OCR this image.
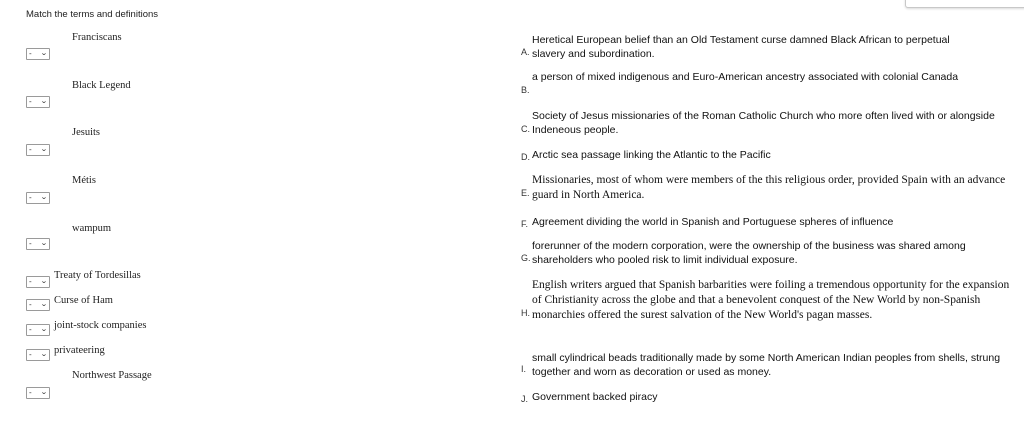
Match the terms and definitions
- ⌄
- ⌄
- ⌄
- ⌄
- ⌄
- ⌄
- ⌄
- ⌄
- ⌄
- ⌄
Franciscans
Black Legend
Jesuits
Métis
wampum
Treaty of Tordesillas
Curse of Ham
joint-stock companies
privateering
Northwest Passage
A.
Heretical European belief than an Old Testament curse damned Black African to perpetual slavery and subordination.
B.
a person of mixed indigenous and Euro-American ancestry associated with colonial Canada
C.
Society of Jesus missionaries of the Roman Catholic Church who more often lived with or alongside Indeneous people.
D. Arctic sea passage linking the Atlantic to the Pacific
E.
Missionaries, most of whom were members of the this religious order, provided Spain with an advance guard in North America.
F. Agreement dividing the world in Spanish and Portuguese spheres of influence
G.
forerunner of the modern corporation, were the ownership of the business was shared among shareholders who pooled risk to limit individual exposure.
H.
English writers argued that Spanish barbarities were foiling a tremendous opportunity for the expansion of Christianity across the globe and that a benevolent conquest of the New World by non-Spanish monarchies offered the surest salvation of the New World's pagan masses.
I.
small cylindrical beads traditionally made by some North American Indian peoples from shells, strung together and worn as decoration or used as money.
J. Government backed piracy
